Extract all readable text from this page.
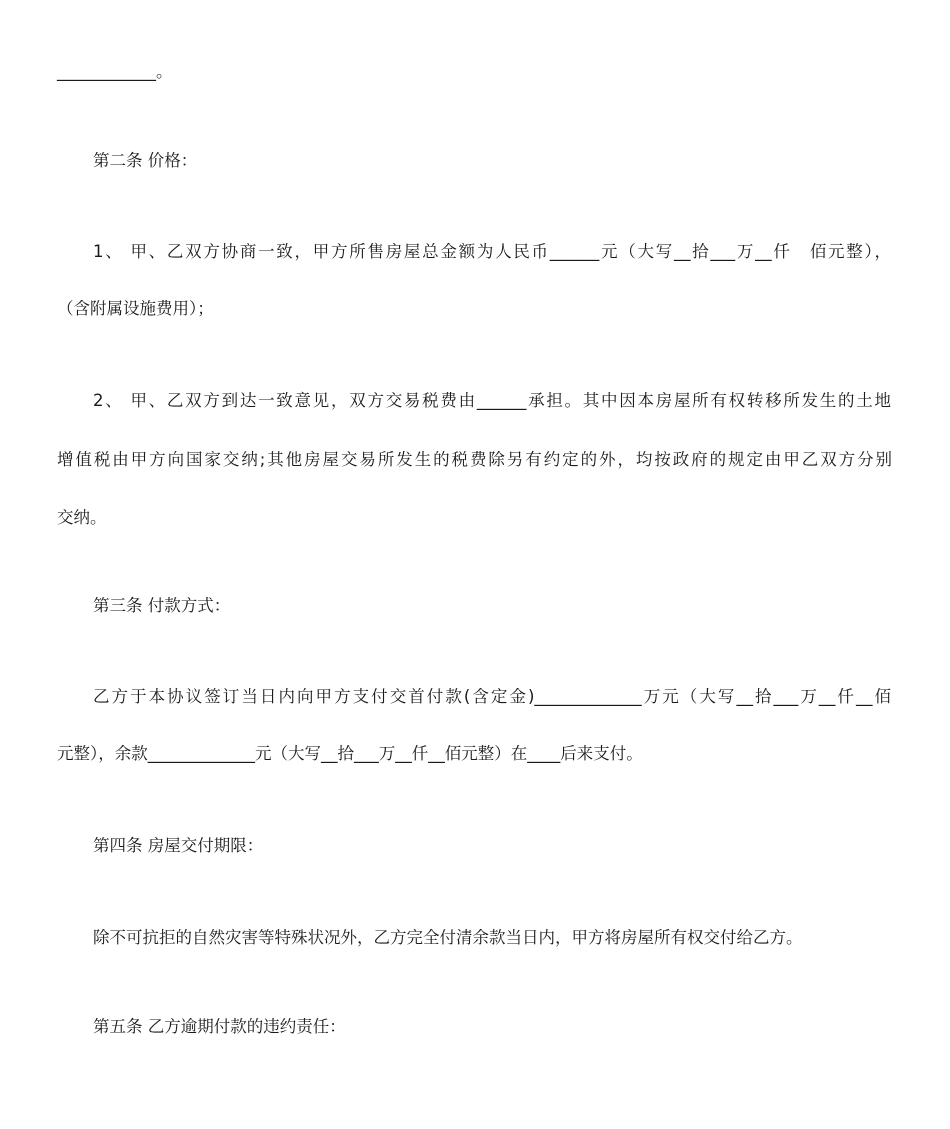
____________。
第二条 价格：
1、 甲、乙双方协商一致，甲方所售房屋总金额为人民币______元（大写__拾___万__仟　佰元整），
（含附属设施费用）；
2、 甲、乙双方到达一致意见，双方交易税费由______承担。其中因本房屋所有权转移所发生的土地
增值税由甲方向国家交纳;其他房屋交易所发生的税费除另有约定的外，均按政府的规定由甲乙双方分别
交纳。
第三条 付款方式：
乙方于本协议签订当日内向甲方支付交首付款(含定金)_____________万元（大写__拾___万__仟__佰
元整），余款_____________元（大写__拾___万__仟__佰元整）在____后来支付。
第四条 房屋交付期限：
除不可抗拒的自然灾害等特殊状况外，乙方完全付清余款当日内，甲方将房屋所有权交付给乙方。
第五条 乙方逾期付款的违约责任：
